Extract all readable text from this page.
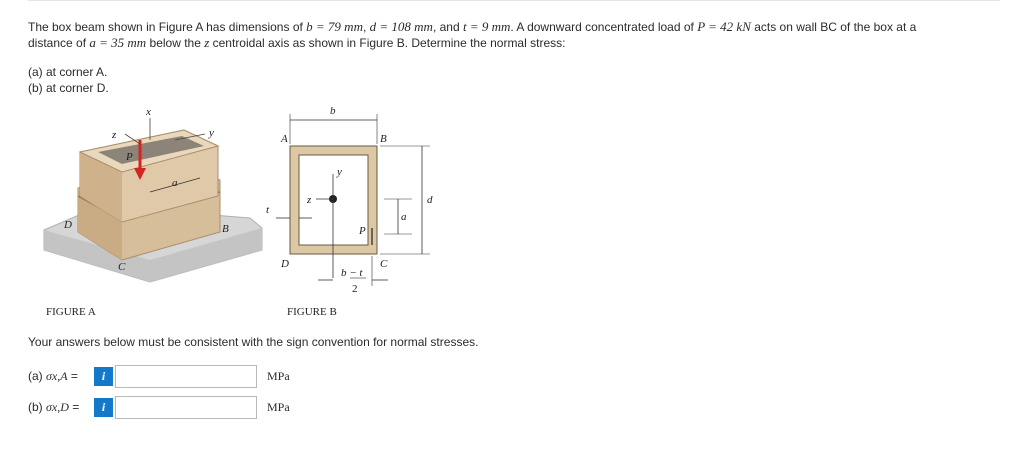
The box beam shown in Figure A has dimensions of b = 79 mm, d = 108 mm, and t = 9 mm. A downward concentrated load of P = 42 kN acts on wall BC of the box at a
distance of a = 35 mm below the z centroidal axis as shown in Figure B. Determine the normal stress:
(a) at corner A.
(b) at corner D.
x
y
z
P
a
B
C
D
b
A	B
C
D
t
y
z
P
a
d
b − t
2
FIGURE A	FIGURE B
Your answers below must be consistent with the sign convention for normal stresses.
(a) σx,A =	i	MPa
(b) σx,D =	i	MPa
